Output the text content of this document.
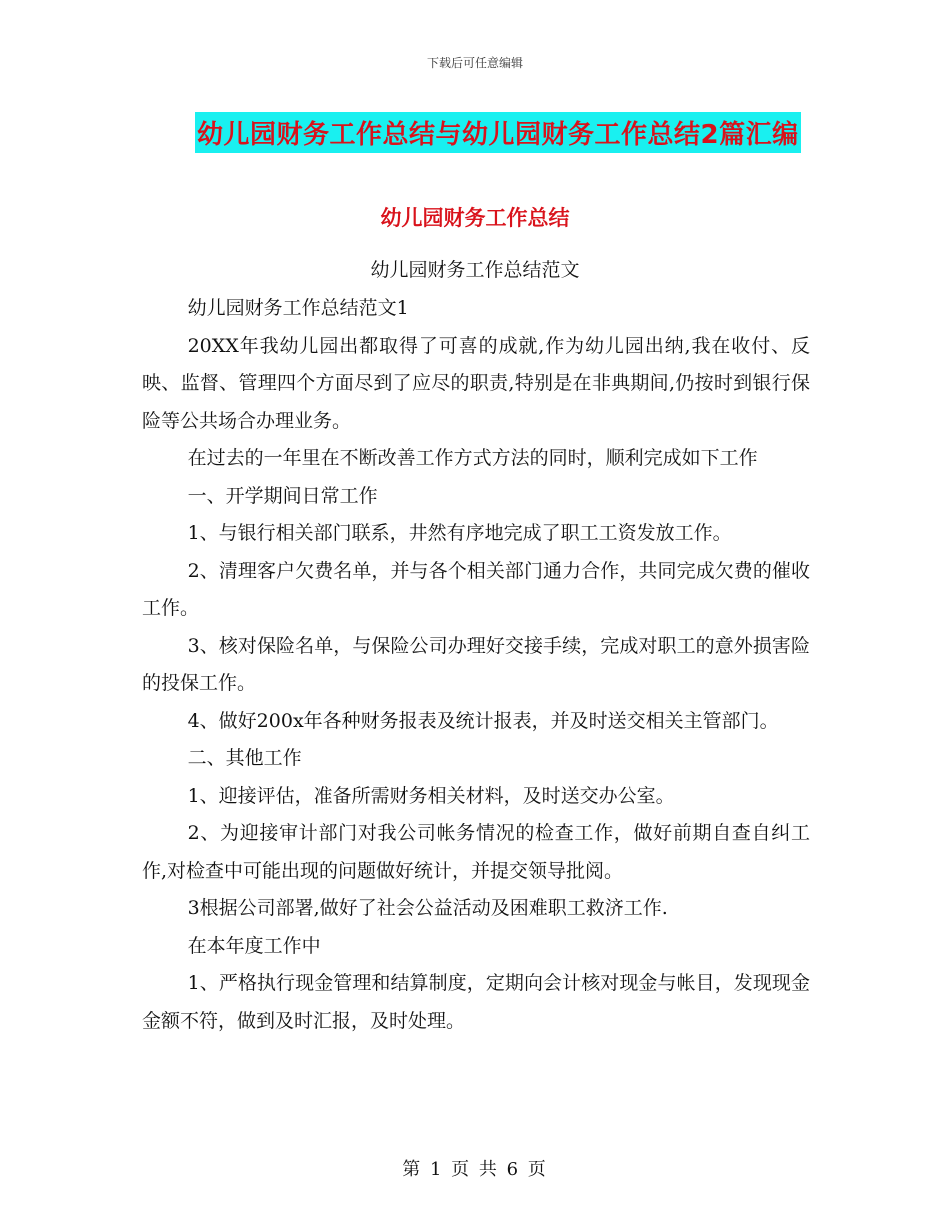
下载后可任意编辑
幼儿园财务工作总结与幼儿园财务工作总结2篇汇编
幼儿园财务工作总结
幼儿园财务工作总结范文

幼儿园财务工作总结范文1

20XX年我幼儿园出都取得了可喜的成就,作为幼儿园出纳,我在收付、反映、监督、管理四个方面尽到了应尽的职责,特别是在非典期间,仍按时到银行保险等公共场合办理业务。

在过去的一年里在不断改善工作方式方法的同时，顺利完成如下工作

一、开学期间日常工作

1、与银行相关部门联系，井然有序地完成了职工工资发放工作。

2、清理客户欠费名单，并与各个相关部门通力合作，共同完成欠费的催收工作。

3、核对保险名单，与保险公司办理好交接手续，完成对职工的意外损害险的投保工作。

4、做好200x年各种财务报表及统计报表，并及时送交相关主管部门。

二、其他工作

1、迎接评估，准备所需财务相关材料，及时送交办公室。

2、为迎接审计部门对我公司帐务情况的检查工作，做好前期自查自纠工作,对检查中可能出现的问题做好统计，并提交领导批阅。

3根据公司部署,做好了社会公益活动及困难职工救济工作.

在本年度工作中

1、严格执行现金管理和结算制度，定期向会计核对现金与帐目，发现现金金额不符，做到及时汇报，及时处理。

第 1 页 共 6 页
